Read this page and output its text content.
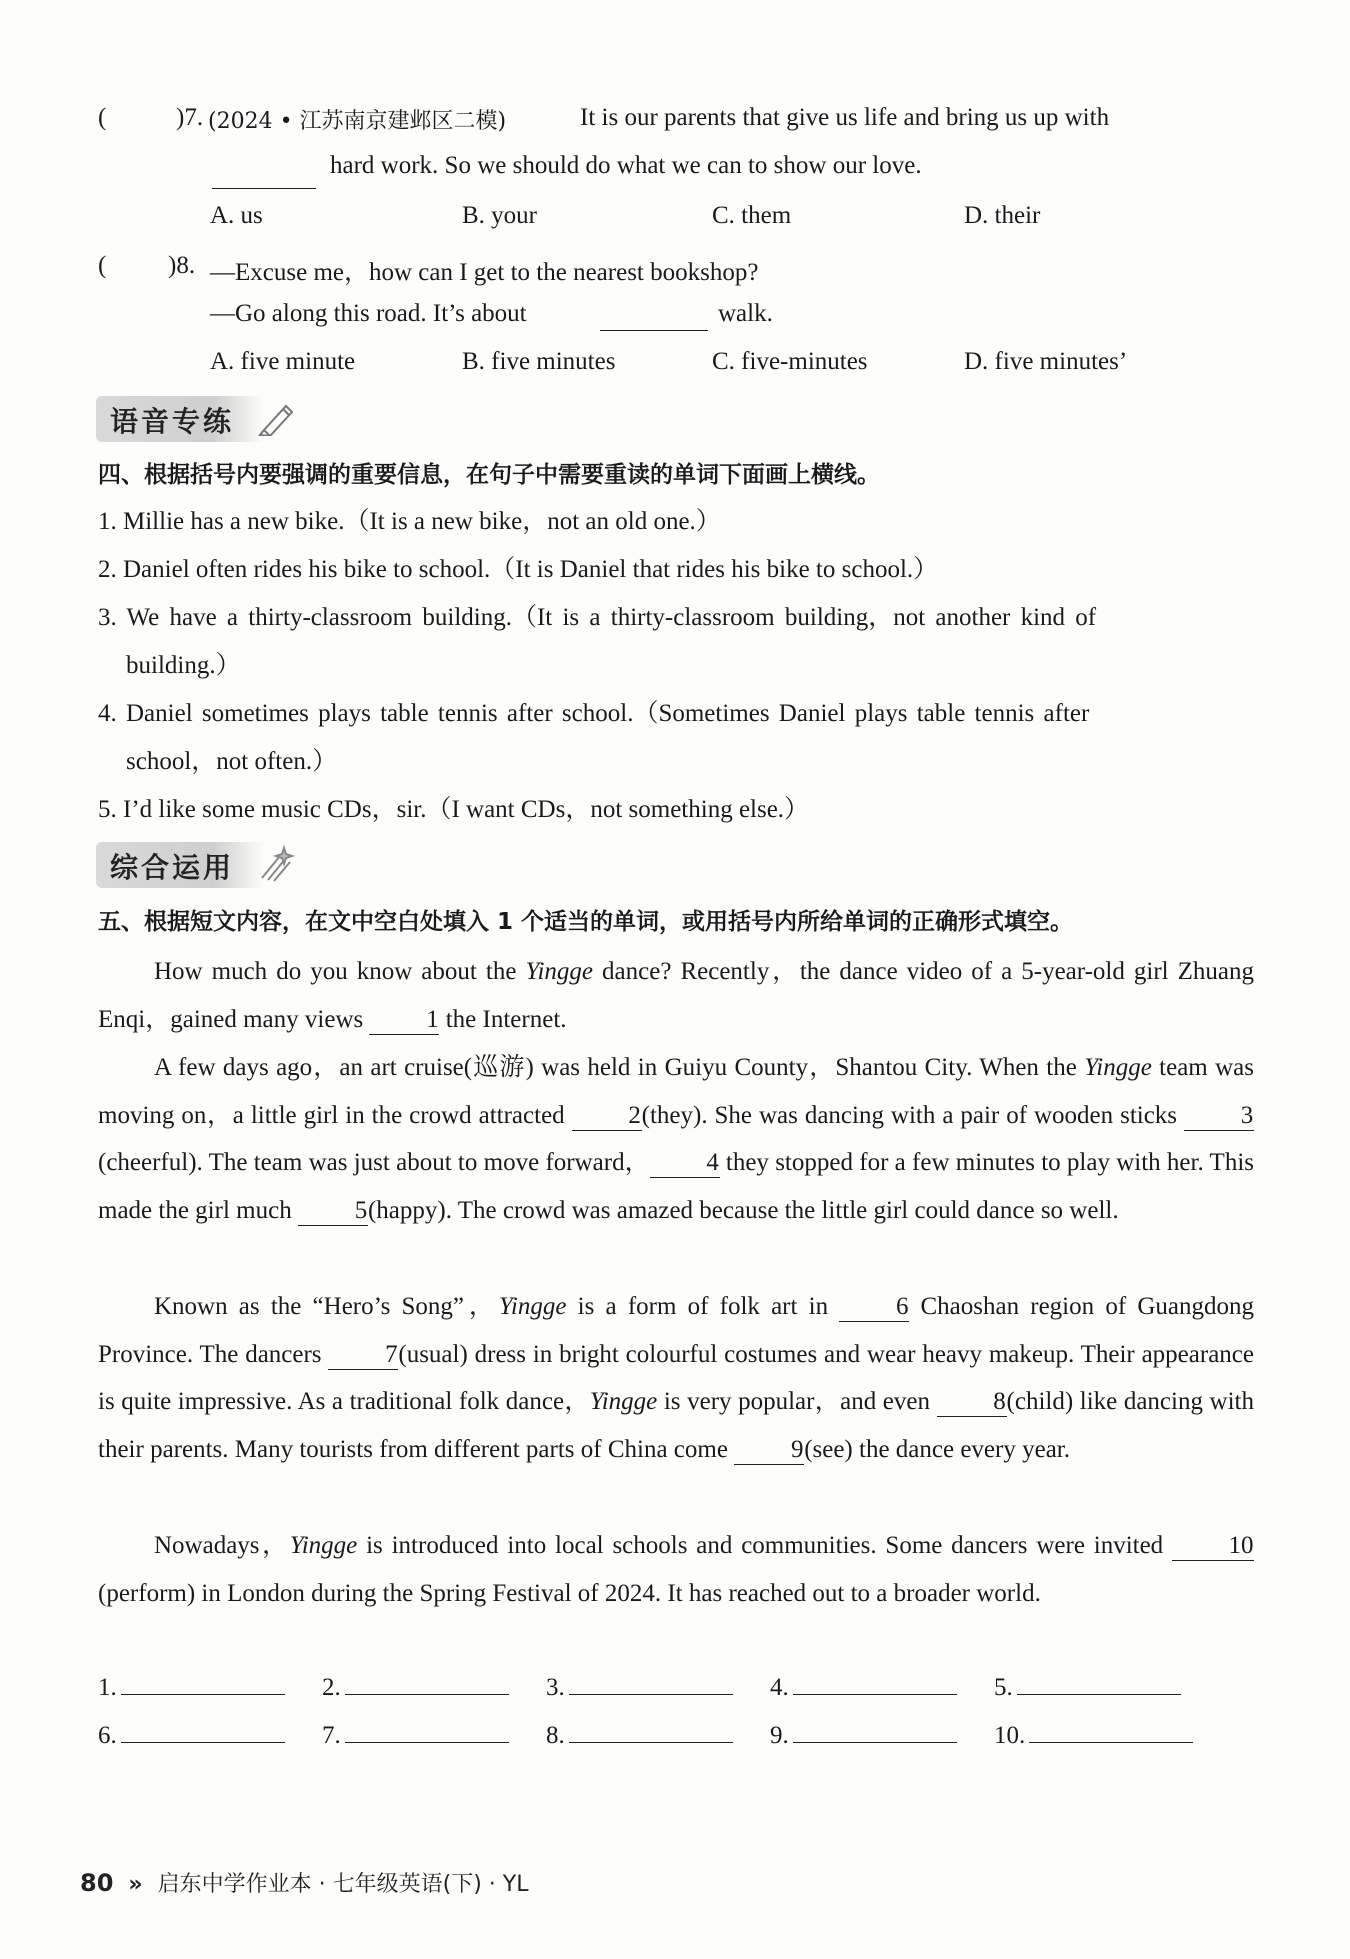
(	)7. (2024 • 江苏南京建邺区二模)	It is our parents that give us life and bring us up with
hard work. So we should do what we can to show our love.
A. us	B. your	C. them	D. their
( )8. —Excuse me，how can I get to the nearest bookshop?
—Go along this road. It’s about	walk.
A. five minute	B. five minutes	C. five-minutes	D. five minutes’
语音专练
四、根据括号内要强调的重要信息，在句子中需要重读的单词下面画上横线。
1. Millie has a new bike.（It is a new bike，not an old one.）
2. Daniel often rides his bike to school.（It is Daniel that rides his bike to school.）
3. We have a thirty-classroom building.（It is a thirty-classroom building，not another kind of
building.）
4. Daniel sometimes plays table tennis after school.（Sometimes Daniel plays table tennis after
school，not often.）
5. I’d like some music CDs，sir.（I want CDs，not something else.）
综合运用
五、根据短文内容，在文中空白处填入 1 个适当的单词，或用括号内所给单词的正确形式填空。
How much do you know about the Yingge dance? Recently，the dance video of a 5-year-old girl Zhuang Enqi，gained many views 1 the Internet.
A few days ago，an art cruise(巡游) was held in Guiyu County，Shantou City. When the Yingge team was moving on，a little girl in the crowd attracted 2(they). She was dancing with a pair of wooden sticks 3(cheerful). The team was just about to move forward， 4 they stopped for a few minutes to play with her. This made the girl much 5(happy). The crowd was amazed because the little girl could dance so well.
Known as the “Hero’s Song”，Yingge is a form of folk art in 6 Chaoshan region of Guangdong Province. The dancers 7(usual) dress in bright colourful costumes and wear heavy makeup. Their appearance is quite impressive. As a traditional folk dance，Yingge is very popular，and even 8(child) like dancing with their parents. Many tourists from different parts of China come 9(see) the dance every year.
Nowadays，Yingge is introduced into local schools and communities. Some dancers were invited 10(perform) in London during the Spring Festival of 2024. It has reached out to a broader world.
1.	2.	3.	4.	5.
6.	7.	8.	9.	10.
80 » 启东中学作业本 · 七年级英语(下) · YL
